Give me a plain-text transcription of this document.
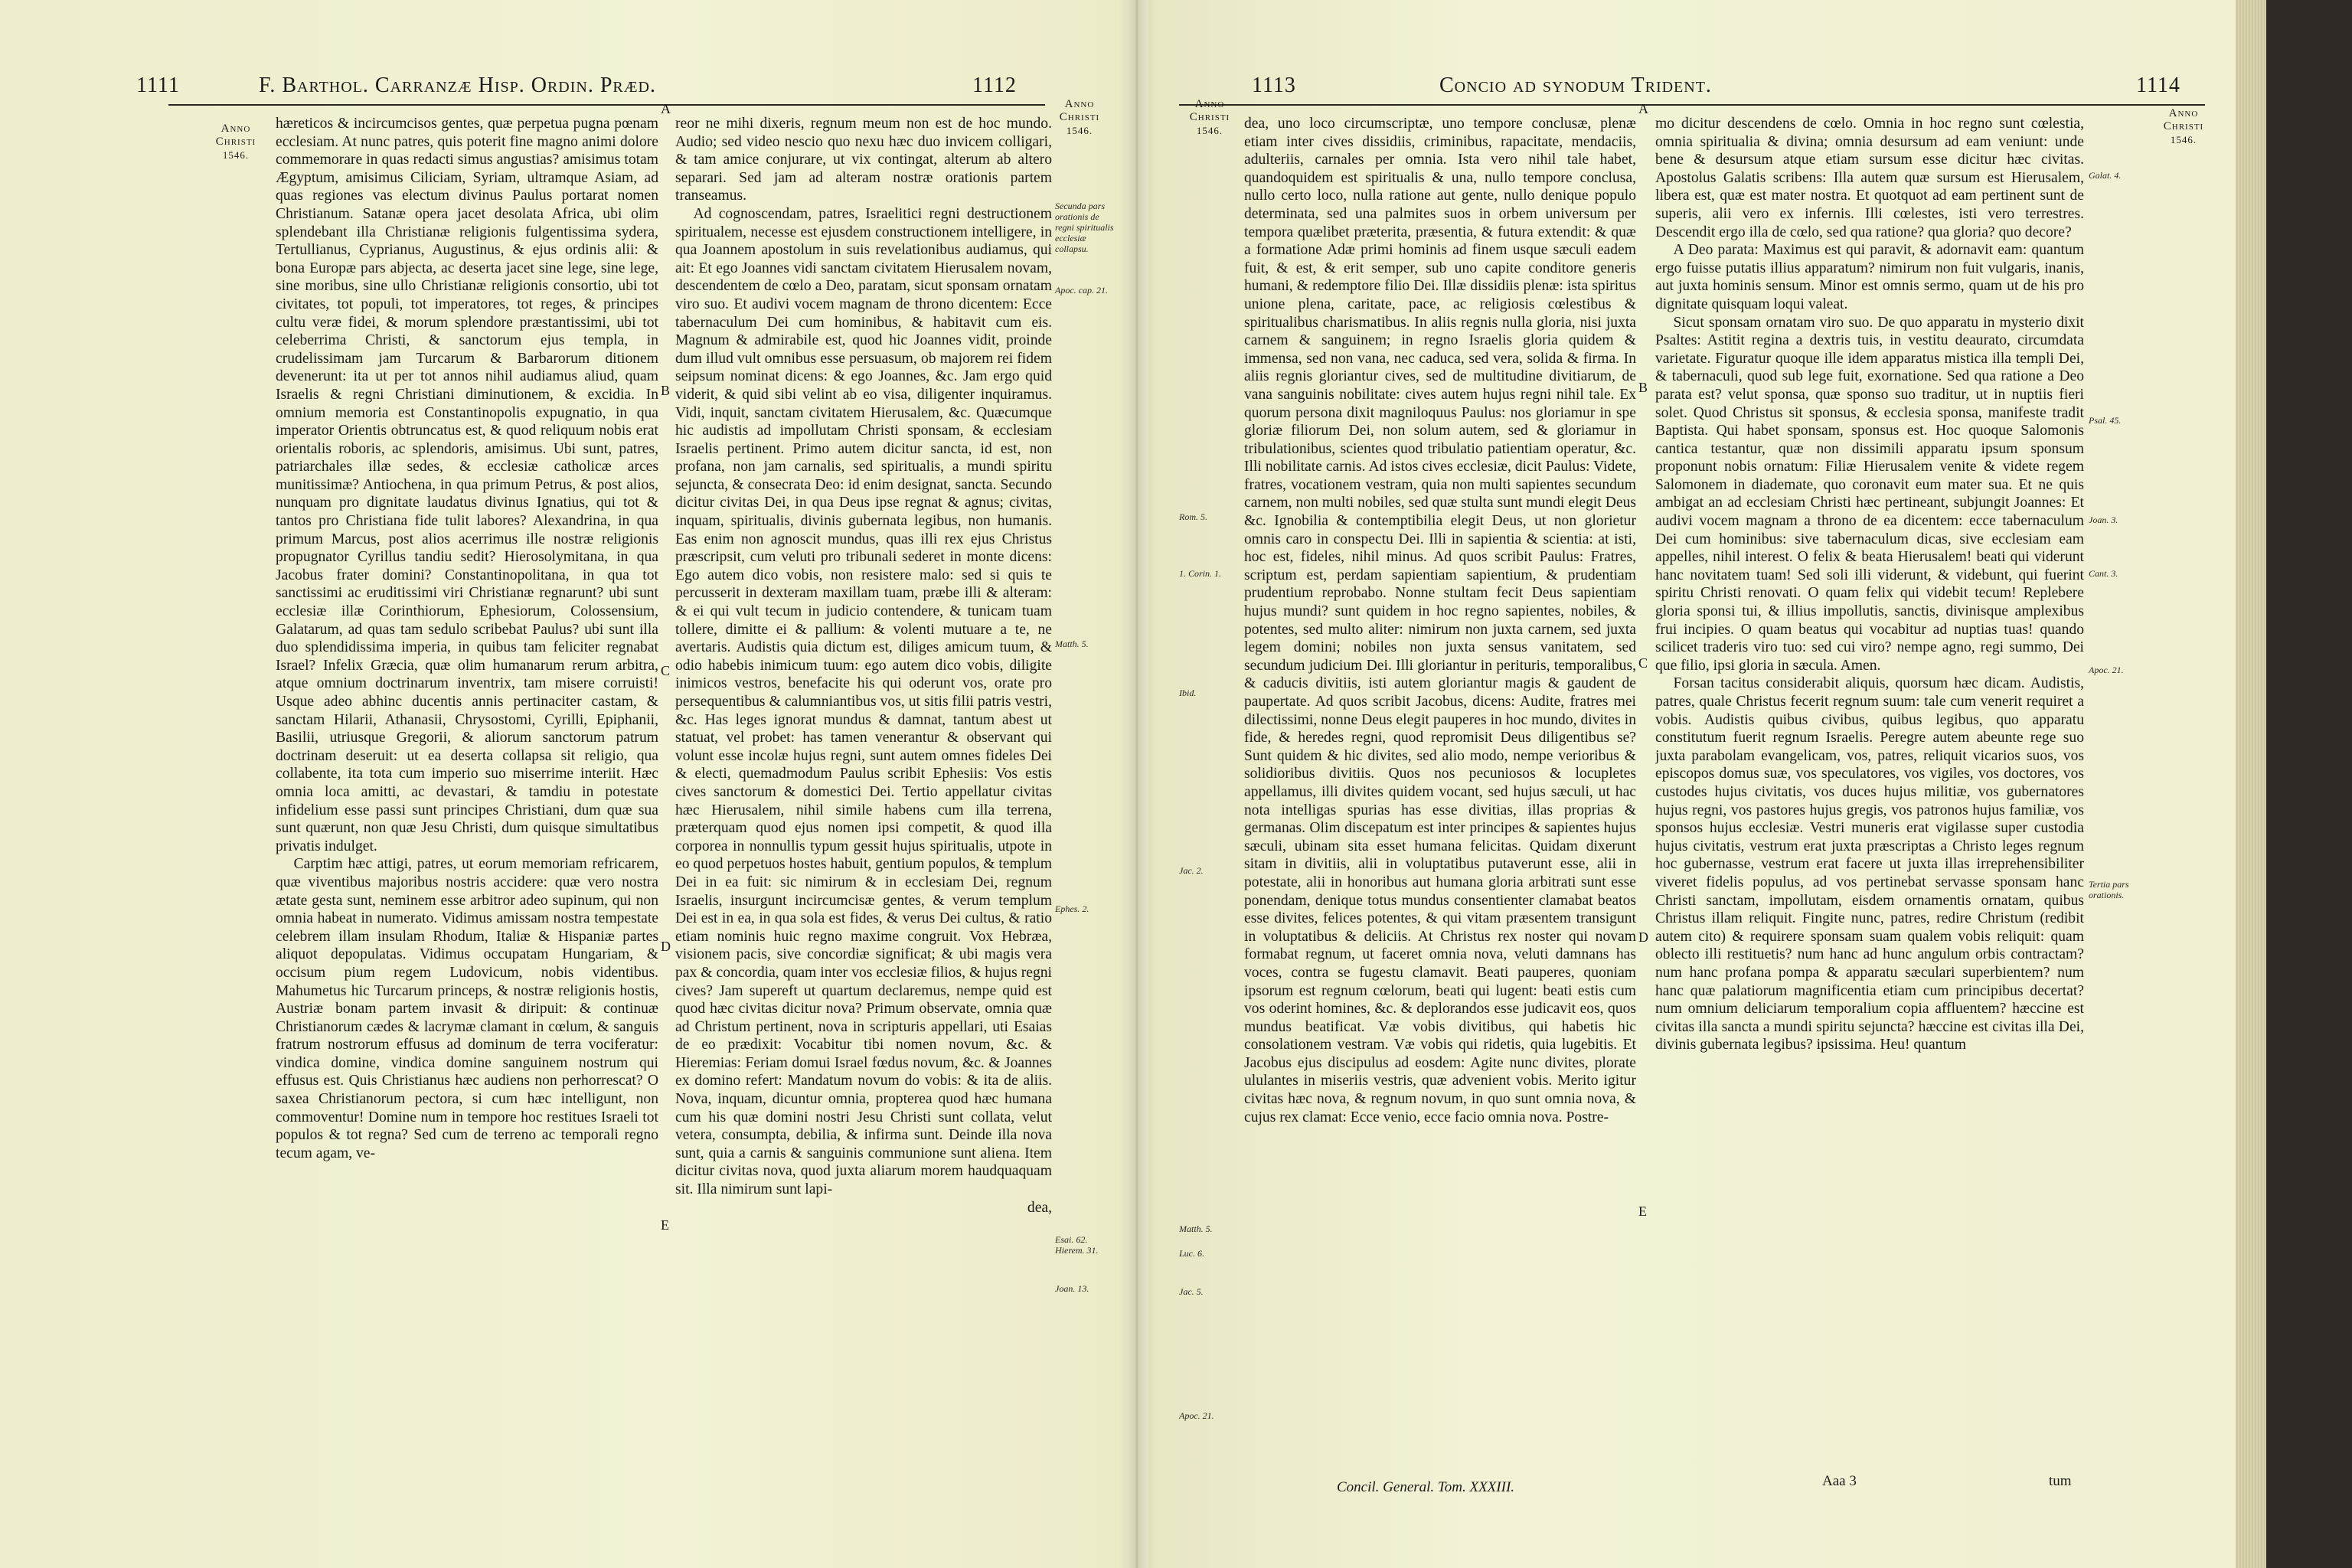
1111	F. Barthol. Carranzæ Hisp. Ordin. Præd.	1112
Anno
Christi
1546.
Anno
Christi
1546.

hæreticos & incircumcisos gentes, quæ perpetua pugna pœnam ecclesiam. At nunc patres, quis poterit fine magno animi dolore commemorare in quas redacti simus angustias? amisimus totam Ægyptum, amisimus Ciliciam, Syriam, ultramque Asiam, ad quas regiones vas electum divinus Paulus portarat nomen Christianum. Satanæ opera jacet desolata Africa, ubi olim splendebant illa Christianæ religionis fulgentissima sydera, Tertullianus, Cyprianus, Augustinus, & ejus ordinis alii: & bona Europæ pars abjecta, ac deserta jacet sine lege, sine lege, sine moribus, sine ullo Christianæ religionis consortio, ubi tot civitates, tot populi, tot imperatores, tot reges, & principes cultu veræ fidei, & morum splendore præstantissimi, ubi tot celeberrima Christi, & sanctorum ejus templa, in crudelissimam jam Turcarum & Barbarorum ditionem devenerunt: ita ut per tot annos nihil audiamus aliud, quam Israelis & regni Christiani diminutionem, & excidia. In omnium memoria est Constantinopolis expugnatio, in qua imperator Orientis obtruncatus est, & quod reliquum nobis erat orientalis roboris, ac splendoris, amisimus. Ubi sunt, patres, patriarchales illæ sedes, & ecclesiæ catholicæ arces munitissimæ? Antiochena, in qua primum Petrus, & post alios, nunquam pro dignitate laudatus divinus Ignatius, qui tot & tantos pro Christiana fide tulit labores? Alexandrina, in qua primum Marcus, post alios acerrimus ille nostræ religionis propugnator Cyrillus tandiu sedit? Hierosolymitana, in qua Jacobus frater domini? Constantinopolitana, in qua tot sanctissimi ac eruditissimi viri Christianæ regnarunt? ubi sunt ecclesiæ illæ Corinthiorum, Ephesiorum, Colossensium, Galatarum, ad quas tam sedulo scribebat Paulus? ubi sunt illa duo splendidissima imperia, in quibus tam feliciter regnabat Israel? Infelix Græcia, quæ olim humanarum rerum arbitra, atque omnium doctrinarum inventrix, tam misere corruisti! Usque adeo abhinc ducentis annis pertinaciter castam, & sanctam Hilarii, Athanasii, Chrysostomi, Cyrilli, Epiphanii, Basilii, utriusque Gregorii, & aliorum sanctorum patrum doctrinam deseruit: ut ea deserta collapsa sit religio, qua collabente, ita tota cum imperio suo miserrime interiit. Hæc omnia loca amitti, ac devastari, & tamdiu in potestate infidelium esse passi sunt principes Christiani, dum quæ sua sunt quærunt, non quæ Jesu Christi, dum quisque simultatibus privatis indulget.

Carptim hæc attigi, patres, ut eorum memoriam refricarem, quæ viventibus majoribus nostris accidere: quæ vero nostra ætate gesta sunt, neminem esse arbitror adeo supinum, qui non omnia habeat in numerato. Vidimus amissam nostra tempestate celebrem illam insulam Rhodum, Italiæ & Hispaniæ partes aliquot depopulatas. Vidimus occupatam Hungariam, & occisum pium regem Ludovicum, nobis videntibus. Mahumetus hic Turcarum princeps, & nostræ religionis hostis, Austriæ bonam partem invasit & diripuit: & continuæ Christianorum cædes & lacrymæ clamant in cœlum, & sanguis fratrum nostrorum effusus ad dominum de terra vociferatur: vindica domine, vindica domine sanguinem nostrum qui effusus est. Quis Christianus hæc audiens non perhorrescat? O saxea Christianorum pectora, si cum hæc intelligunt, non commoventur! Domine num in tempore hoc restitues Israeli tot populos & tot regna? Sed cum de terreno ac temporali regno tecum agam, ve-

reor ne mihi dixeris, regnum meum non est de hoc mundo. Audio; sed video nescio quo nexu hæc duo invicem colligari, & tam amice conjurare, ut vix contingat, alterum ab altero separari. Sed jam ad alteram nostræ orationis partem transeamus.

Ad cognoscendam, patres, Israelitici regni destructionem spiritualem, necesse est ejusdem constructionem intelligere, in qua Joannem apostolum in suis revelationibus audiamus, qui ait: Et ego Joannes vidi sanctam civitatem Hierusalem novam, descendentem de cœlo a Deo, paratam, sicut sponsam ornatam viro suo. Et audivi vocem magnam de throno dicentem: Ecce tabernaculum Dei cum hominibus, & habitavit cum eis. Magnum & admirabile est, quod hic Joannes vidit, proinde dum illud vult omnibus esse persuasum, ob majorem rei fidem seipsum nominat dicens: & ego Joannes, &c. Jam ergo quid viderit, & quid sibi velint ab eo visa, diligenter inquiramus. Vidi, inquit, sanctam civitatem Hierusalem, &c. Quæcumque hic audistis ad impollutam Christi sponsam, & ecclesiam Israelis pertinent. Primo autem dicitur sancta, id est, non profana, non jam carnalis, sed spiritualis, a mundi spiritu sejuncta, & consecrata Deo: id enim designat, sancta. Secundo dicitur civitas Dei, in qua Deus ipse regnat & agnus; civitas, inquam, spiritualis, divinis gubernata legibus, non humanis. Eas enim non agnoscit mundus, quas illi rex ejus Christus præscripsit, cum veluti pro tribunali sederet in monte dicens: Ego autem dico vobis, non resistere malo: sed si quis te percusserit in dexteram maxillam tuam, præbe illi & alteram: & ei qui vult tecum in judicio contendere, & tunicam tuam tollere, dimitte ei & pallium: & volenti mutuare a te, ne avertaris. Audistis quia dictum est, diliges amicum tuum, & odio habebis inimicum tuum: ego autem dico vobis, diligite inimicos vestros, benefacite his qui oderunt vos, orate pro persequentibus & calumniantibus vos, ut sitis filii patris vestri, &c. Has leges ignorat mundus & damnat, tantum abest ut statuat, vel probet: has tamen venerantur & observant qui volunt esse incolæ hujus regni, sunt autem omnes fideles Dei & electi, quemadmodum Paulus scribit Ephesiis: Vos estis cives sanctorum & domestici Dei. Tertio appellatur civitas hæc Hierusalem, nihil simile habens cum illa terrena, præterquam quod ejus nomen ipsi competit, & quod illa corporea in nonnullis typum gessit hujus spiritualis, utpote in eo quod perpetuos hostes habuit, gentium populos, & templum Dei in ea fuit: sic nimirum & in ecclesiam Dei, regnum Israelis, insurgunt incircumcisæ gentes, & verum templum Dei est in ea, in qua sola est fides, & verus Dei cultus, & ratio etiam nominis huic regno maxime congruit. Vox Hebræa, visionem pacis, sive concordiæ significat; & ubi magis vera pax & concordia, quam inter vos ecclesiæ filios, & hujus regni cives? Jam supereft ut quartum declaremus, nempe quid est quod hæc civitas dicitur nova? Primum observate, omnia quæ ad Christum pertinent, nova in scripturis appellari, uti Esaias de eo prædixit: Vocabitur tibi nomen novum, &c. & Hieremias: Feriam domui Israel fœdus novum, &c. & Joannes ex domino refert: Mandatum novum do vobis: & ita de aliis. Nova, inquam, dicuntur omnia, propterea quod hæc humana cum his quæ domini nostri Jesu Christi sunt collata, velut vetera, consumpta, debilia, & infirma sunt. Deinde illa nova sunt, quia a carnis & sanguinis communione sunt aliena. Item dicitur civitas nova, quod juxta aliarum morem haudquaquam sit. Illa nimirum sunt lapi-

dea,

A
B
C
D
E
Secunda pars orationis de regni spiritualis ecclesiæ collapsu.
Apoc. cap. 21.
Matth. 5.
Ephes. 2.
Esai. 62. Hierem. 31.
Joan. 13.
1113	Concio ad synodum Trident.	1114
Anno
Christi
1546.
Anno
Christi
1546.

dea, uno loco circumscriptæ, uno tempore conclusæ, plenæ etiam inter cives dissidiis, criminibus, rapacitate, mendaciis, adulteriis, carnales per omnia. Ista vero nihil tale habet, quandoquidem est spiritualis & una, nullo tempore conclusa, nullo certo loco, nulla ratione aut gente, nullo denique populo determinata, sed una palmites suos in orbem universum per tempora quælibet præterita, præsentia, & futura extendit: & quæ a formatione Adæ primi hominis ad finem usque sæculi eadem fuit, & est, & erit semper, sub uno capite conditore generis humani, & redemptore filio Dei. Illæ dissidiis plenæ: ista spiritus unione plena, caritate, pace, ac religiosis cœlestibus & spiritualibus charismatibus. In aliis regnis nulla gloria, nisi juxta carnem & sanguinem; in regno Israelis gloria quidem & immensa, sed non vana, nec caduca, sed vera, solida & firma. In aliis regnis gloriantur cives, sed de multitudine divitiarum, de vana sanguinis nobilitate: cives autem hujus regni nihil tale. Ex quorum persona dixit magniloquus Paulus: nos gloriamur in spe gloriæ filiorum Dei, non solum autem, sed & gloriamur in tribulationibus, scientes quod tribulatio patientiam operatur, &c. Illi nobilitate carnis. Ad istos cives ecclesiæ, dicit Paulus: Videte, fratres, vocationem vestram, quia non multi sapientes secundum carnem, non multi nobiles, sed quæ stulta sunt mundi elegit Deus &c. Ignobilia & contemptibilia elegit Deus, ut non glorietur omnis caro in conspectu Dei. Illi in sapientia & scientia: at isti, hoc est, fideles, nihil minus. Ad quos scribit Paulus: Fratres, scriptum est, perdam sapientiam sapientium, & prudentiam prudentium reprobabo. Nonne stultam fecit Deus sapientiam hujus mundi? sunt quidem in hoc regno sapientes, nobiles, & potentes, sed multo aliter: nimirum non juxta carnem, sed juxta legem domini; nobiles non juxta sensus vanitatem, sed secundum judicium Dei. Illi gloriantur in perituris, temporalibus, & caducis divitiis, isti autem gloriantur magis & gaudent de paupertate. Ad quos scribit Jacobus, dicens: Audite, fratres mei dilectissimi, nonne Deus elegit pauperes in hoc mundo, divites in fide, & heredes regni, quod repromisit Deus diligentibus se? Sunt quidem & hic divites, sed alio modo, nempe verioribus & solidioribus divitiis. Quos nos pecuniosos & locupletes appellamus, illi divites quidem vocant, sed hujus sæculi, ut hac nota intelligas spurias has esse divitias, illas proprias & germanas. Olim discepatum est inter principes & sapientes hujus sæculi, ubinam sita esset humana felicitas. Quidam dixerunt sitam in divitiis, alii in voluptatibus putaverunt esse, alii in potestate, alii in honoribus aut humana gloria arbitrati sunt esse ponendam, denique totus mundus consentienter clamabat beatos esse divites, felices potentes, & qui vitam præsentem transigunt in voluptatibus & deliciis. At Christus rex noster qui novam formabat regnum, ut faceret omnia nova, veluti damnans has voces, contra se fugestu clamavit. Beati pauperes, quoniam ipsorum est regnum cœlorum, beati qui lugent: beati estis cum vos oderint homines, &c. & deplorandos esse judicavit eos, quos mundus beatificat. Væ vobis divitibus, qui habetis hic consolationem vestram. Væ vobis qui ridetis, quia lugebitis. Et Jacobus ejus discipulus ad eosdem: Agite nunc divites, plorate ululantes in miseriis vestris, quæ advenient vobis. Merito igitur civitas hæc nova, & regnum novum, in quo sunt omnia nova, & cujus rex clamat: Ecce venio, ecce facio omnia nova. Postre-

mo dicitur descendens de cœlo. Omnia in hoc regno sunt cœlestia, omnia spiritualia & divina; omnia desursum ad eam veniunt: unde bene & desursum atque etiam sursum esse dicitur hæc civitas. Apostolus Galatis scribens: Illa autem quæ sursum est Hierusalem, libera est, quæ est mater nostra. Et quotquot ad eam pertinent sunt de superis, alii vero ex infernis. Illi cœlestes, isti vero terrestres. Descendit ergo illa de cœlo, sed qua ratione? qua gloria? quo decore?

A Deo parata: Maximus est qui paravit, & adornavit eam: quantum ergo fuisse putatis illius apparatum? nimirum non fuit vulgaris, inanis, aut juxta hominis sensum. Minor est omnis sermo, quam ut de his pro dignitate quisquam loqui valeat.

Sicut sponsam ornatam viro suo. De quo apparatu in mysterio dixit Psaltes: Astitit regina a dextris tuis, in vestitu deaurato, circumdata varietate. Figuratur quoque ille idem apparatus mistica illa templi Dei, & tabernaculi, quod sub lege fuit, exornatione. Sed qua ratione a Deo parata est? velut sponsa, quæ sponso suo traditur, ut in nuptiis fieri solet. Quod Christus sit sponsus, & ecclesia sponsa, manifeste tradit Baptista. Qui habet sponsam, sponsus est. Hoc quoque Salomonis cantica testantur, quæ non dissimili apparatu ipsum sponsum proponunt nobis ornatum: Filiæ Hierusalem venite & videte regem Salomonem in diademate, quo coronavit eum mater sua. Et ne quis ambigat an ad ecclesiam Christi hæc pertineant, subjungit Joannes: Et audivi vocem magnam a throno de ea dicentem: ecce tabernaculum Dei cum hominibus: sive tabernaculum dicas, sive ecclesiam eam appelles, nihil interest. O felix & beata Hierusalem! beati qui viderunt hanc novitatem tuam! Sed soli illi viderunt, & videbunt, qui fuerint spiritu Christi renovati. O quam felix qui videbit tecum! Replebere gloria sponsi tui, & illius impollutis, sanctis, divinisque amplexibus frui incipies. O quam beatus qui vocabitur ad nuptias tuas! quando scilicet traderis viro tuo: sed cui viro? nempe agno, regi summo, Dei que filio, ipsi gloria in sæcula. Amen.

Forsan tacitus considerabit aliquis, quorsum hæc dicam. Audistis, patres, quale Christus fecerit regnum suum: tale cum venerit requiret a vobis. Audistis quibus civibus, quibus legibus, quo apparatu constitutum fuerit regnum Israelis. Peregre autem abeunte rege suo juxta parabolam evangelicam, vos, patres, reliquit vicarios suos, vos episcopos domus suæ, vos speculatores, vos vigiles, vos doctores, vos custodes hujus civitatis, vos duces hujus militiæ, vos gubernatores hujus regni, vos pastores hujus gregis, vos patronos hujus familiæ, vos sponsos hujus ecclesiæ. Vestri muneris erat vigilasse super custodia hujus civitatis, vestrum erat juxta præscriptas a Christo leges regnum hoc gubernasse, vestrum erat facere ut juxta illas irreprehensibiliter viveret fidelis populus, ad vos pertinebat servasse sponsam hanc Christi sanctam, impollutam, eisdem ornamentis ornatam, quibus Christus illam reliquit. Fingite nunc, patres, redire Christum (redibit autem cito) & requirere sponsam suam qualem vobis reliquit: quam oblecto illi restituetis? num hanc ad hunc angulum orbis contractam? num hanc profana pompa & apparatu sæculari superbientem? num hanc quæ palatiorum magnificentia etiam cum principibus decertat? num omnium deliciarum temporalium copia affluentem? hæccine est civitas illa sancta a mundi spiritu sejuncta? hæccine est civitas illa Dei, divinis gubernata legibus? ipsissima. Heu! quantum

A
B
C
D
E
Rom. 5.
1. Corin. 1.
Ibid.
Jac. 2.
Matth. 5.
Luc. 6.
Jac. 5.
Apoc. 21.
Galat. 4.
Psal. 45.
Joan. 3.
Cant. 3.
Apoc. 21.
Tertia pars orationis.
Concil. General. Tom. XXXIII.	Aaa 3	tum
